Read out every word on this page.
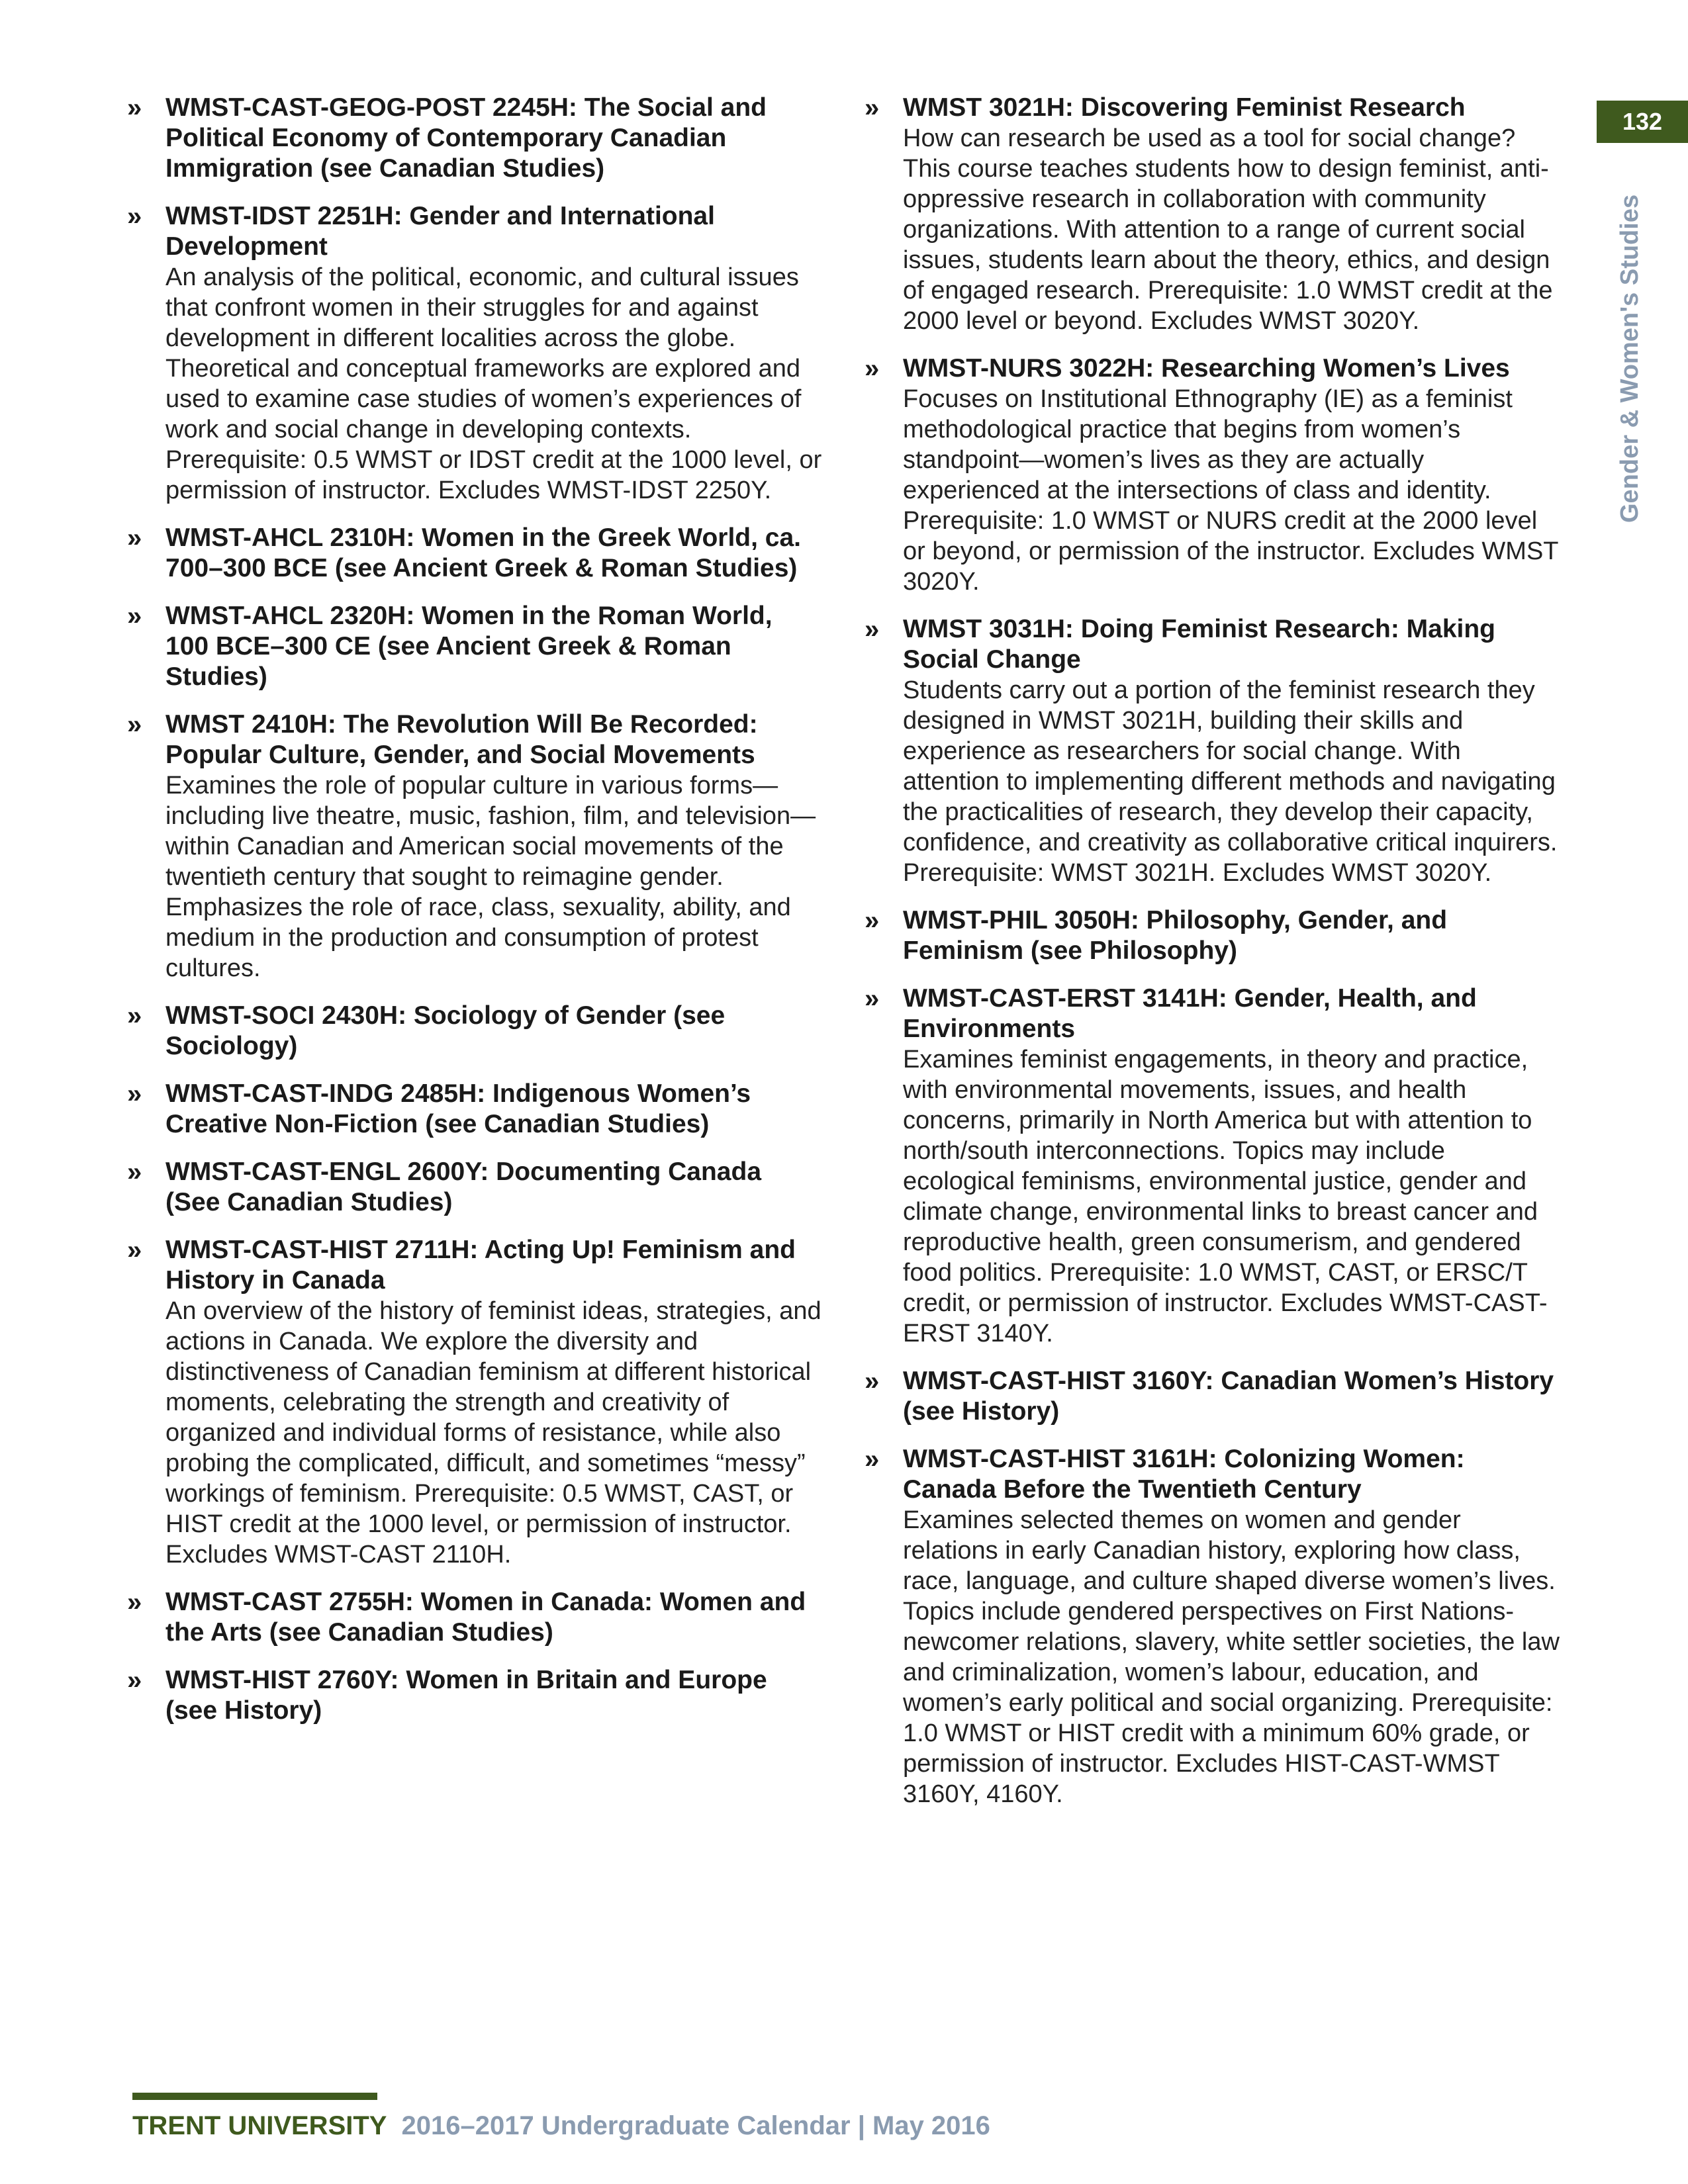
132
Gender & Women's Studies
» WMST-CAST-GEOG-POST 2245H: The Social and Political Economy of Contemporary Canadian Immigration (see Canadian Studies)
» WMST-IDST 2251H: Gender and International Development
An analysis of the political, economic, and cultural issues that confront women in their struggles for and against development in different localities across the globe. Theoretical and conceptual frameworks are explored and used to examine case studies of women’s experiences of work and social change in developing contexts. Prerequisite: 0.5 WMST or IDST credit at the 1000 level, or permission of instructor. Excludes WMST-IDST 2250Y.
» WMST-AHCL 2310H: Women in the Greek World, ca. 700–300 BCE (see Ancient Greek & Roman Studies)
» WMST-AHCL 2320H: Women in the Roman World, 100 BCE–300 CE (see Ancient Greek & Roman Studies)
» WMST 2410H: The Revolution Will Be Recorded: Popular Culture, Gender, and Social Movements
Examines the role of popular culture in various forms—including live theatre, music, fashion, film, and television—within Canadian and American social movements of the twentieth century that sought to reimagine gender. Emphasizes the role of race, class, sexuality, ability, and medium in the production and consumption of protest cultures.
» WMST-SOCI 2430H: Sociology of Gender (see Sociology)
» WMST-CAST-INDG 2485H: Indigenous Women’s Creative Non-Fiction (see Canadian Studies)
» WMST-CAST-ENGL 2600Y: Documenting Canada (See Canadian Studies)
» WMST-CAST-HIST 2711H: Acting Up! Feminism and History in Canada
An overview of the history of feminist ideas, strategies, and actions in Canada. We explore the diversity and distinctiveness of Canadian feminism at different historical moments, celebrating the strength and creativity of organized and individual forms of resistance, while also probing the complicated, difficult, and sometimes “messy” workings of feminism. Prerequisite: 0.5 WMST, CAST, or HIST credit at the 1000 level, or permission of instructor. Excludes WMST-CAST 2110H.
» WMST-CAST 2755H: Women in Canada: Women and the Arts (see Canadian Studies)
» WMST-HIST 2760Y: Women in Britain and Europe (see History)
» WMST 3021H: Discovering Feminist Research
How can research be used as a tool for social change? This course teaches students how to design feminist, anti-oppressive research in collaboration with community organizations. With attention to a range of current social issues, students learn about the theory, ethics, and design of engaged research. Prerequisite: 1.0 WMST credit at the 2000 level or beyond. Excludes WMST 3020Y.
» WMST-NURS 3022H: Researching Women’s Lives
Focuses on Institutional Ethnography (IE) as a feminist methodological practice that begins from women’s standpoint—women’s lives as they are actually experienced at the intersections of class and identity. Prerequisite: 1.0 WMST or NURS credit at the 2000 level or beyond, or permission of the instructor. Excludes WMST 3020Y.
» WMST 3031H: Doing Feminist Research: Making Social Change
Students carry out a portion of the feminist research they designed in WMST 3021H, building their skills and experience as researchers for social change. With attention to implementing different methods and navigating the practicalities of research, they develop their capacity, confidence, and creativity as collaborative critical inquirers. Prerequisite: WMST 3021H. Excludes WMST 3020Y.
» WMST-PHIL 3050H: Philosophy, Gender, and Feminism (see Philosophy)
» WMST-CAST-ERST 3141H: Gender, Health, and Environments
Examines feminist engagements, in theory and practice, with environmental movements, issues, and health concerns, primarily in North America but with attention to north/south interconnections. Topics may include ecological feminisms, environmental justice, gender and climate change, environmental links to breast cancer and reproductive health, green consumerism, and gendered food politics. Prerequisite: 1.0 WMST, CAST, or ERSC/T credit, or permission of instructor. Excludes WMST-CAST-ERST 3140Y.
» WMST-CAST-HIST 3160Y: Canadian Women’s History (see History)
» WMST-CAST-HIST 3161H: Colonizing Women: Canada Before the Twentieth Century
Examines selected themes on women and gender relations in early Canadian history, exploring how class, race, language, and culture shaped diverse women’s lives. Topics include gendered perspectives on First Nations-newcomer relations, slavery, white settler societies, the law and criminalization, women’s labour, education, and women’s early political and social organizing. Prerequisite: 1.0 WMST or HIST credit with a minimum 60% grade, or permission of instructor. Excludes HIST-CAST-WMST 3160Y, 4160Y.
TRENT UNIVERSITY 2016–2017 Undergraduate Calendar | May 2016
